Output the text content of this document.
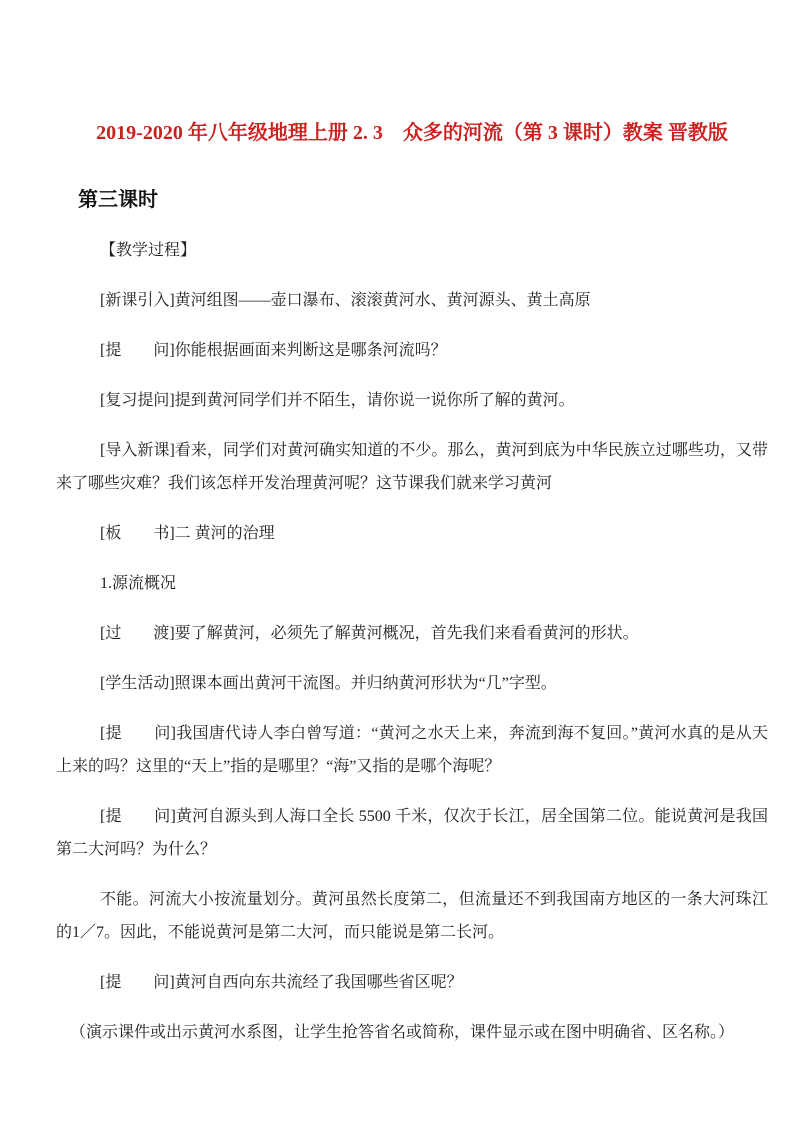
2019-2020 年八年级地理上册 2. 3　众多的河流（第 3 课时）教案 晋教版

第三课时

【教学过程】

[新课引入]黄河组图——壶口瀑布、滚滚黄河水、黄河源头、黄土高原

[提　　问]你能根据画面来判断这是哪条河流吗？

[复习提问]提到黄河同学们并不陌生，请你说一说你所了解的黄河。

[导入新课]看来，同学们对黄河确实知道的不少。那么，黄河到底为中华民族立过哪些功，又带来了哪些灾难？我们该怎样开发治理黄河呢？这节课我们就来学习黄河

[板　　书]二 黄河的治理

1.源流概况

[过　　渡]要了解黄河，必须先了解黄河概况，首先我们来看看黄河的形状。

[学生活动]照课本画出黄河干流图。并归纳黄河形状为“几”字型。

[提　　问]我国唐代诗人李白曾写道：“黄河之水天上来，奔流到海不复回。”黄河水真的是从天上来的吗？这里的“天上”指的是哪里？“海”又指的是哪个海呢？

[提　　问]黄河自源头到人海口全长 5500 千米，仅次于长江，居全国第二位。能说黄河是我国第二大河吗？为什么？

不能。河流大小按流量划分。黄河虽然长度第二，但流量还不到我国南方地区的一条大河珠江的1／7。因此，不能说黄河是第二大河，而只能说是第二长河。

[提　　问]黄河自西向东共流经了我国哪些省区呢？

（演示课件或出示黄河水系图，让学生抢答省名或简称，课件显示或在图中明确省、区名称。）
